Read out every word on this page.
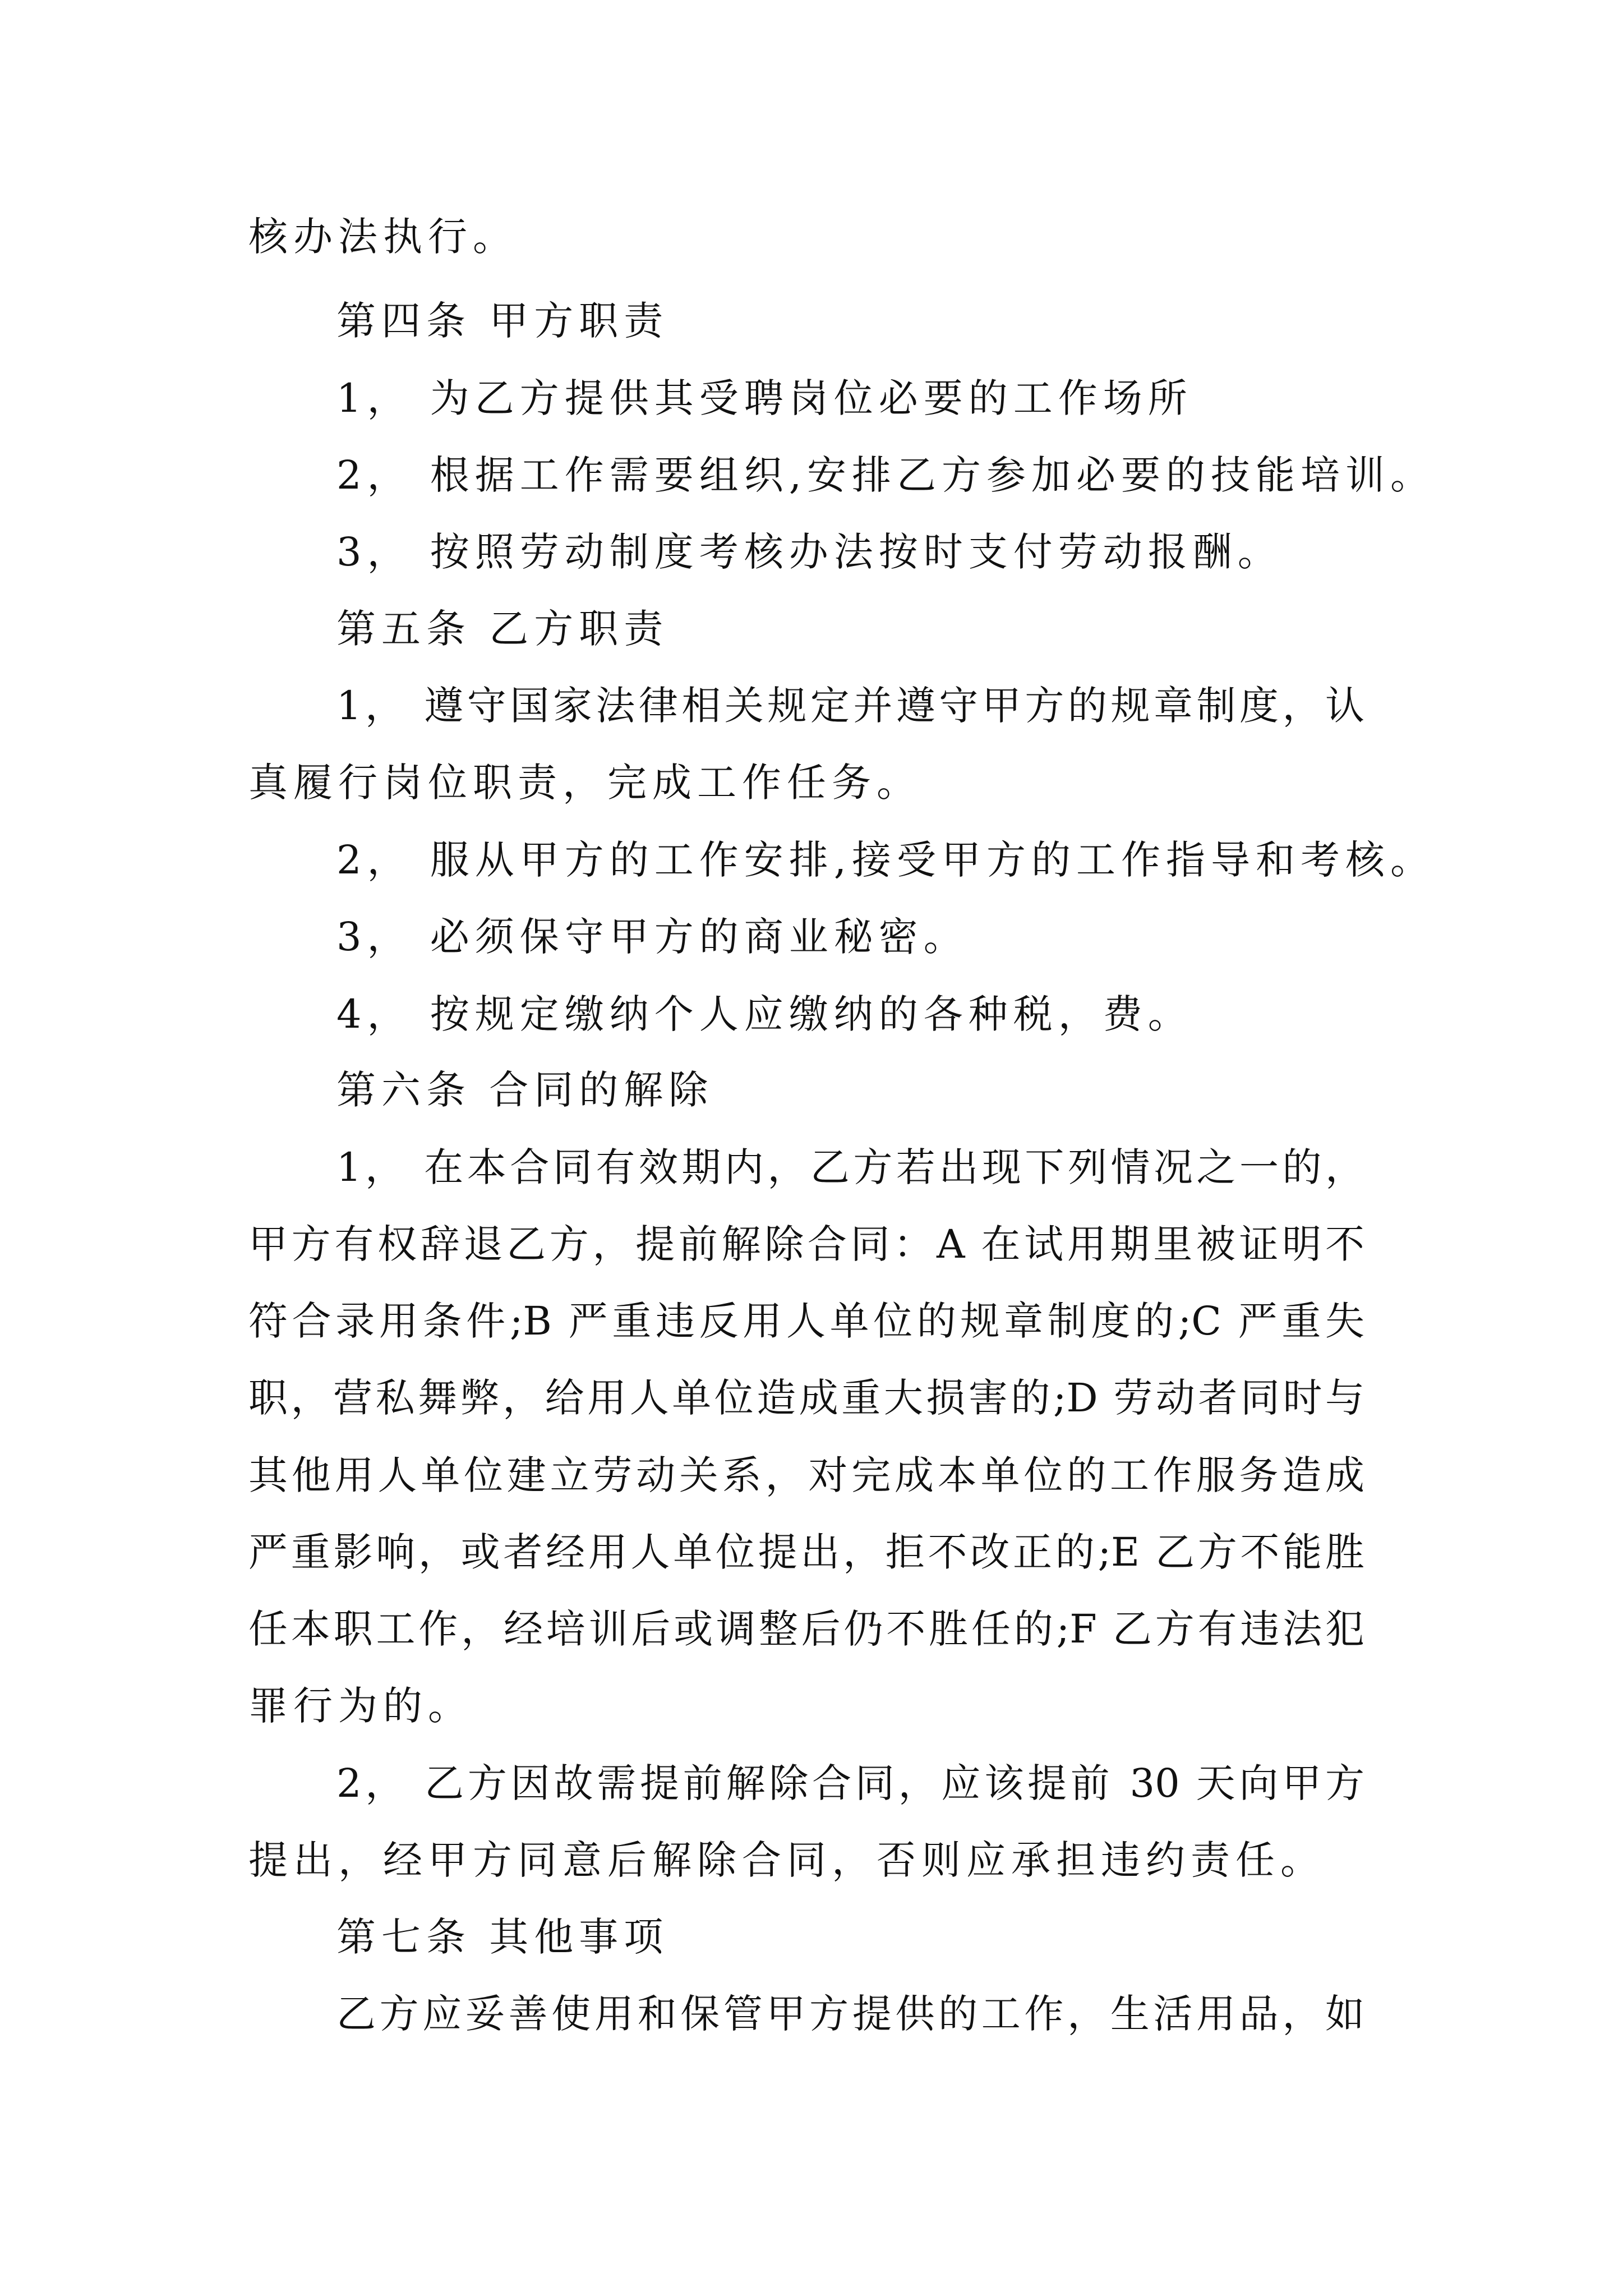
核办法执行。

第四条 甲方职责

1， 为乙方提供其受聘岗位必要的工作场所

2， 根据工作需要组织,安排乙方参加必要的技能培训。

3， 按照劳动制度考核办法按时支付劳动报酬。

第五条 乙方职责

1， 遵守国家法律相关规定并遵守甲方的规章制度，认

真履行岗位职责，完成工作任务。

2， 服从甲方的工作安排,接受甲方的工作指导和考核。

3， 必须保守甲方的商业秘密。

4， 按规定缴纳个人应缴纳的各种税，费。

第六条 合同的解除

1， 在本合同有效期内，乙方若出现下列情况之一的，

甲方有权辞退乙方，提前解除合同：A 在试用期里被证明不

符合录用条件;B 严重违反用人单位的规章制度的;C 严重失

职，营私舞弊，给用人单位造成重大损害的;D 劳动者同时与

其他用人单位建立劳动关系，对完成本单位的工作服务造成

严重影响，或者经用人单位提出，拒不改正的;E 乙方不能胜

任本职工作，经培训后或调整后仍不胜任的;F 乙方有违法犯

罪行为的。

2， 乙方因故需提前解除合同，应该提前 30 天向甲方

提出，经甲方同意后解除合同，否则应承担违约责任。

第七条 其他事项

乙方应妥善使用和保管甲方提供的工作，生活用品，如
